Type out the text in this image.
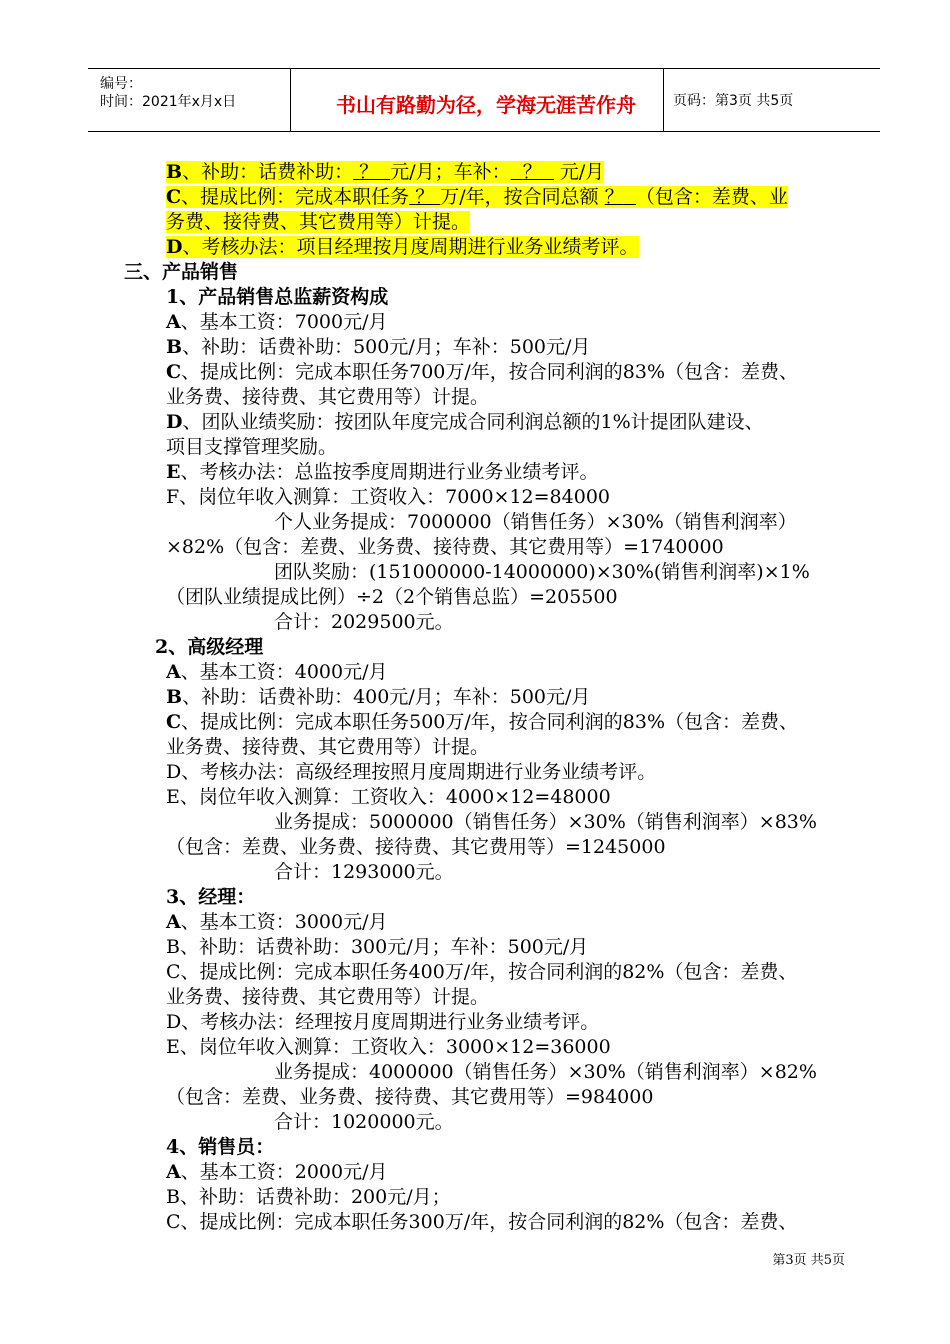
编号：
时间：2021年x月x日	书山有路勤为径，学海无涯苦作舟	页码：第3页 共5页
B、补助：话费补助： ？ 元/月；车补： ？ 元/月
C、提成比例：完成本职任务 ？ 万/年，按合同总额 ？ （包含：差费、业
务费、接待费、其它费用等）计提。
D、考核办法：项目经理按月度周期进行业务业绩考评。
三、产品销售
1、产品销售总监薪资构成
A、基本工资：7000元/月
B、补助：话费补助：500元/月；车补：500元/月
C、提成比例：完成本职任务700万/年，按合同利润的83%（包含：差费、
业务费、接待费、其它费用等）计提。
D、团队业绩奖励：按团队年度完成合同利润总额的1%计提团队建设、
项目支撑管理奖励。
E、考核办法：总监按季度周期进行业务业绩考评。
F、岗位年收入测算：工资收入：7000×12=84000
个人业务提成：7000000（销售任务）×30%（销售利润率）
×82%（包含：差费、业务费、接待费、其它费用等）=1740000
团队奖励：(151000000-14000000)×30%(销售利润率)×1%
（团队业绩提成比例）÷2（2个销售总监）=205500
合计：2029500元。
2、高级经理
A、基本工资：4000元/月
B、补助：话费补助：400元/月；车补：500元/月
C、提成比例：完成本职任务500万/年，按合同利润的83%（包含：差费、
业务费、接待费、其它费用等）计提。
D、考核办法：高级经理按照月度周期进行业务业绩考评。
E、岗位年收入测算：工资收入：4000×12=48000
业务提成：5000000（销售任务）×30%（销售利润率）×83%
（包含：差费、业务费、接待费、其它费用等）=1245000
合计：1293000元。
3、经理：
A、基本工资：3000元/月
B、补助：话费补助：300元/月；车补：500元/月
C、提成比例：完成本职任务400万/年，按合同利润的82%（包含：差费、
业务费、接待费、其它费用等）计提。
D、考核办法：经理按月度周期进行业务业绩考评。
E、岗位年收入测算：工资收入：3000×12=36000
业务提成：4000000（销售任务）×30%（销售利润率）×82%
（包含：差费、业务费、接待费、其它费用等）=984000
合计：1020000元。
4、销售员：
A、基本工资：2000元/月
B、补助：话费补助：200元/月；
C、提成比例：完成本职任务300万/年，按合同利润的82%（包含：差费、
第3页 共5页
